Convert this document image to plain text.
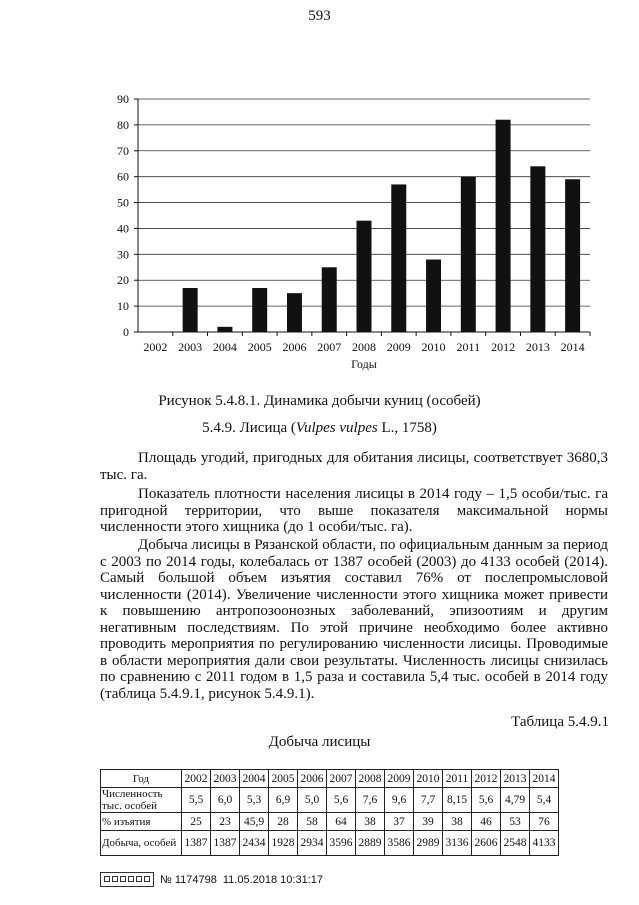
593
0
10
20
30
40
50
60
70
80
90
2002 2003 2004 2005 2006 2007 2008 2009 2010 2011 2012 2013 2014
Годы
Рисунок 5.4.8.1. Динамика добычи куниц (особей)
5.4.9. Лисица (Vulpes vulpes L., 1758)

Площадь угодий, пригодных для обитания лисицы, соответствует 3680,3 тыс. га.

Показатель плотности населения лисицы в 2014 году – 1,5 особи/тыс. га пригодной территории, что выше показателя максимальной нормы численности этого хищника (до 1 особи/тыс. га).

Добыча лисицы в Рязанской области, по официальным данным за период с 2003 по 2014 годы, колебалась от 1387 особей (2003) до 4133 особей (2014). Самый большой объем изъятия составил 76% от послепромысловой численности (2014). Увеличение численности этого хищника может привести к повышению антропозоонозных заболеваний, эпизоотиям и другим негативным последствиям. По этой причине необходимо более активно проводить мероприятия по регулированию численности лисицы. Проводимые в области мероприятия дали свои результаты. Численность лисицы снизилась по сравнению с 2011 годом в 1,5 раза и составила 5,4 тыс. особей в 2014 году (таблица 5.4.9.1, рисунок 5.4.9.1).

Таблица 5.4.9.1
Добыча лисицы
Год	2002	2003	2004	2005	2006	2007	2008	2009	2010	2011	2012	2013	2014
Численность тыс. особей	5,5	6,0	5,3	6,9	5,0	5,6	7,6	9,6	7,7	8,15	5,6	4,79	5,4
% изъятия	25	23	45,9	28	58	64	38	37	39	38	46	53	76
Добыча, особей	1387	1387	2434	1928	2934	3596	2889	3586	2989	3136	2606	2548	4133
№ 1174798 11.05.2018 10:31:17
